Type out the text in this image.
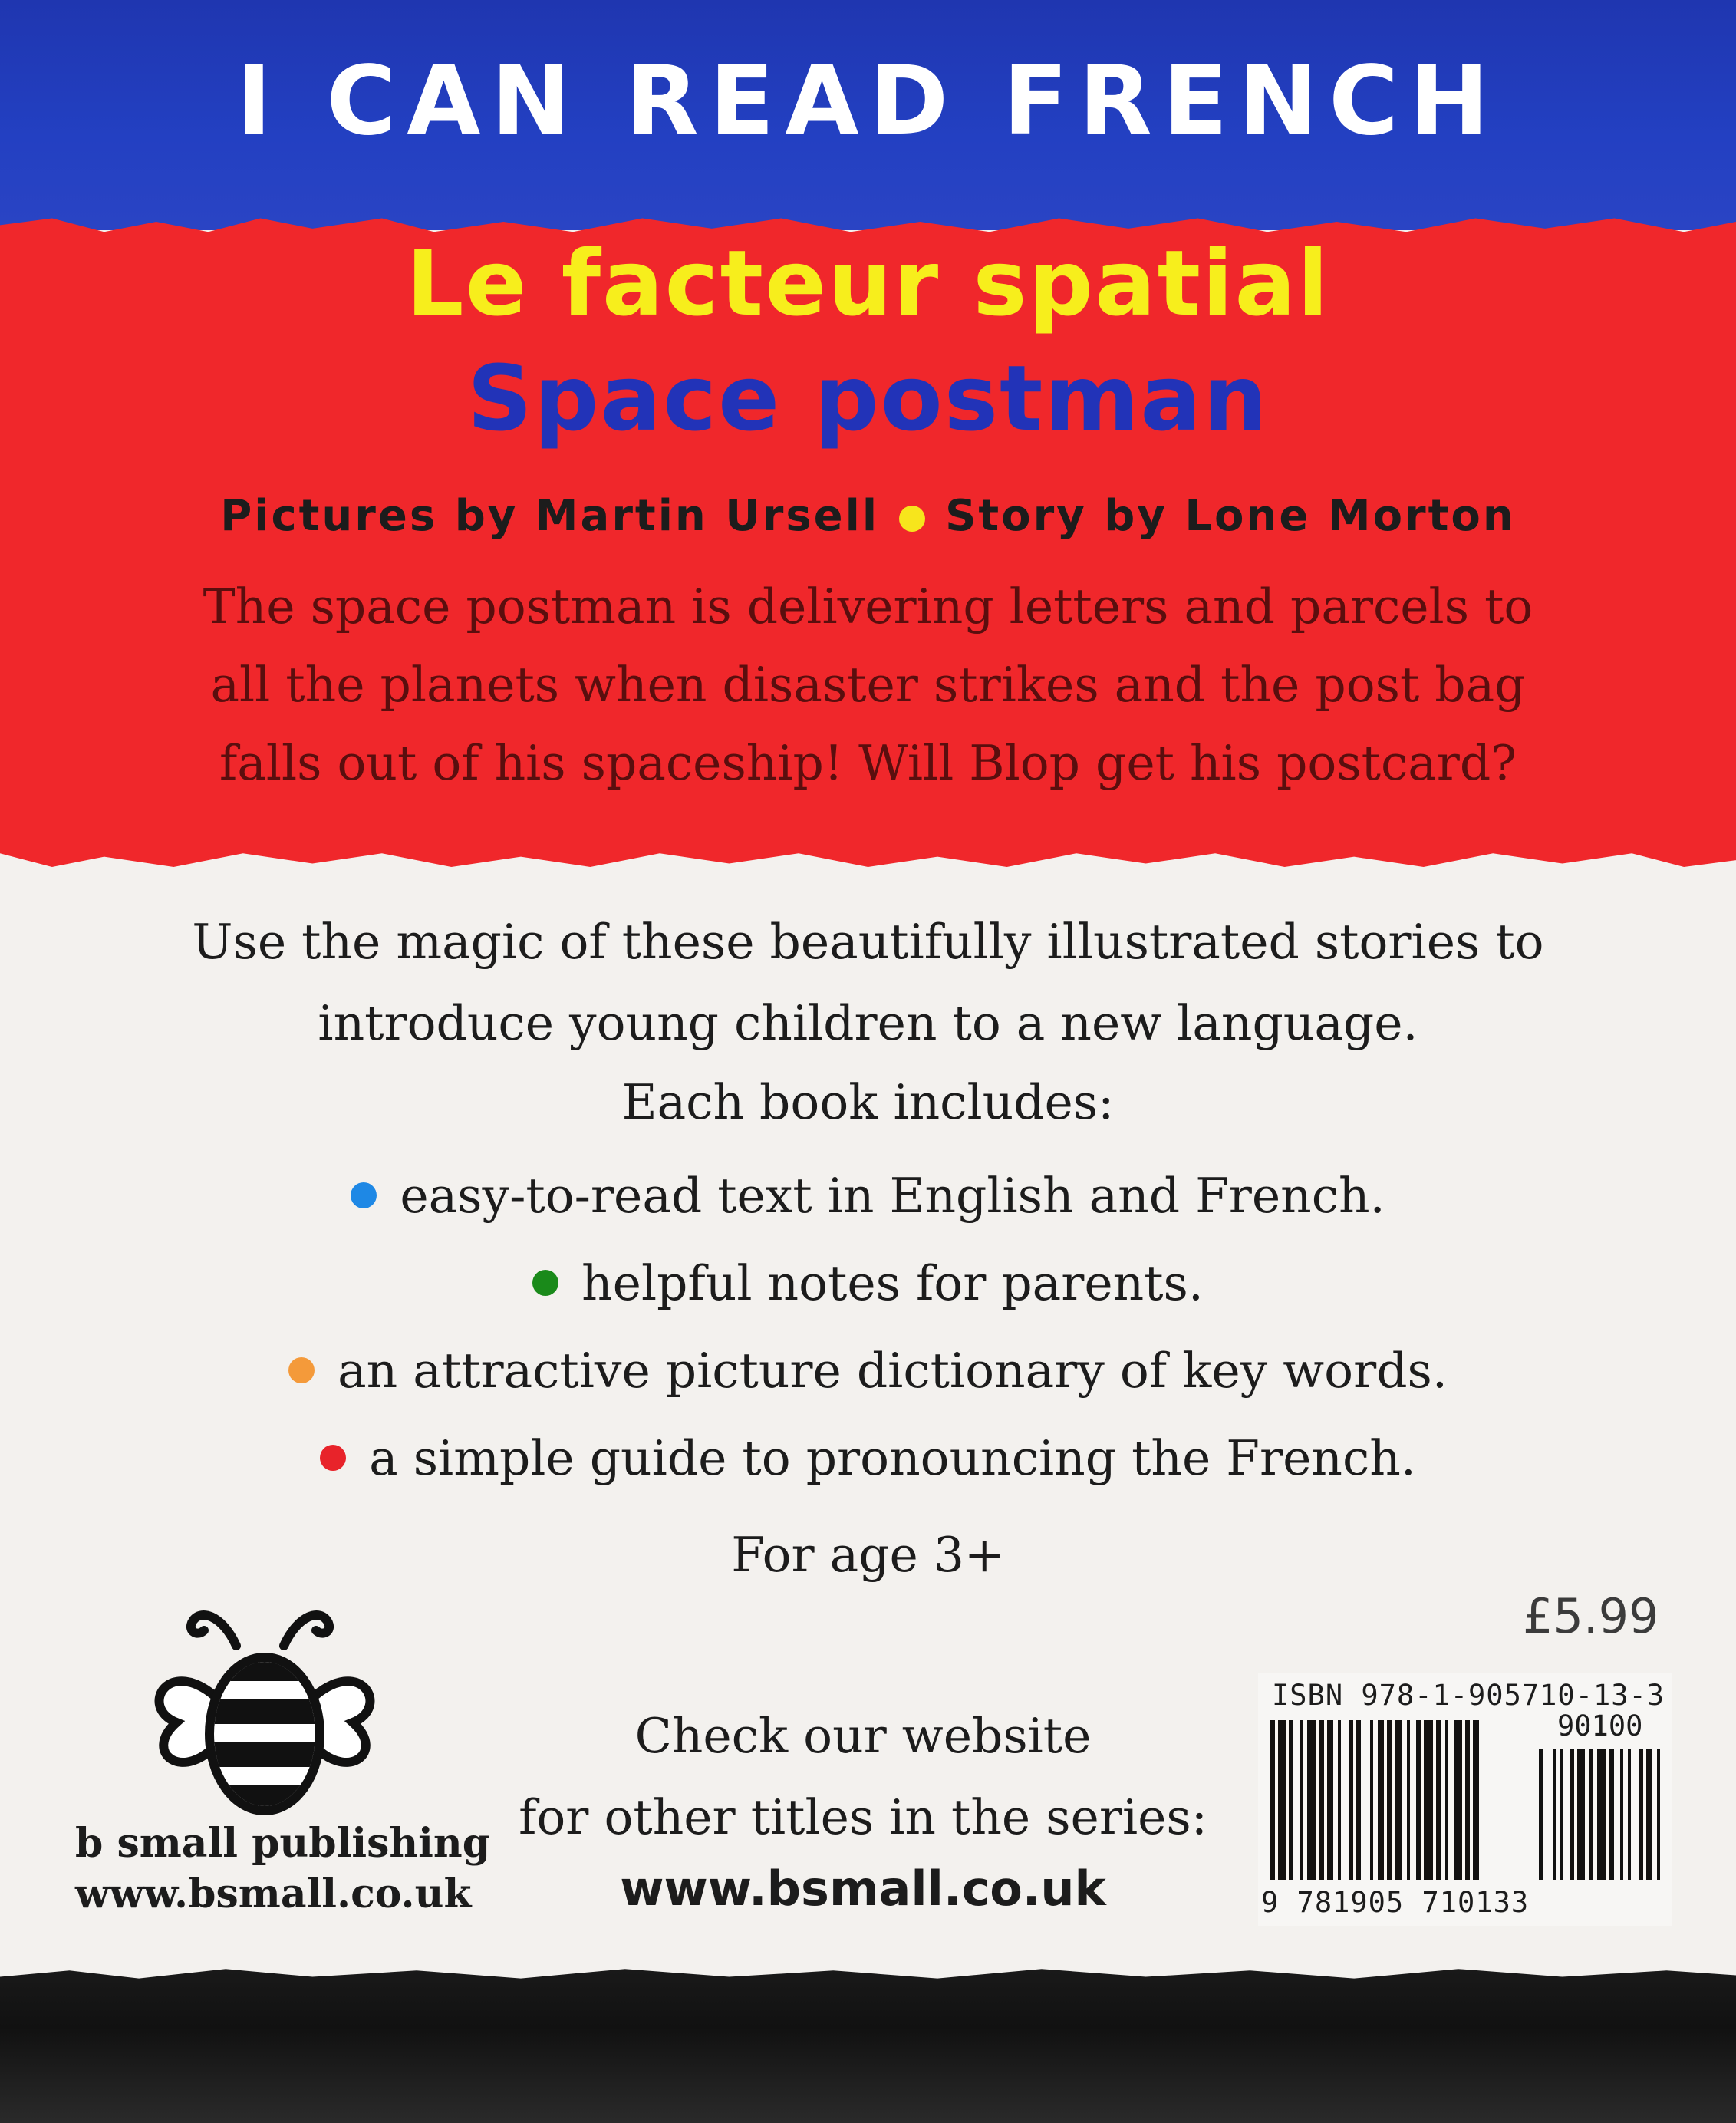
I CAN READ FRENCH
Le facteur spatial
Space postman
Pictures by Martin Ursell Story by Lone Morton
The space postman is delivering letters and parcels to all the planets when disaster strikes and the post bag falls out of his spaceship! Will Blop get his postcard?
Use the magic of these beautifully illustrated stories to introduce young children to a new language.
Each book includes:
easy-to-read text in English and French.
helpful notes for parents.
an attractive picture dictionary of key words.
a simple guide to pronouncing the French.
For age 3+
£5.99
b small publishing
www.bsmall.co.uk
Check our website
for other titles in the series:
www.bsmall.co.uk
ISBN 978-1-905710-13-3
90100
9 781905 710133
